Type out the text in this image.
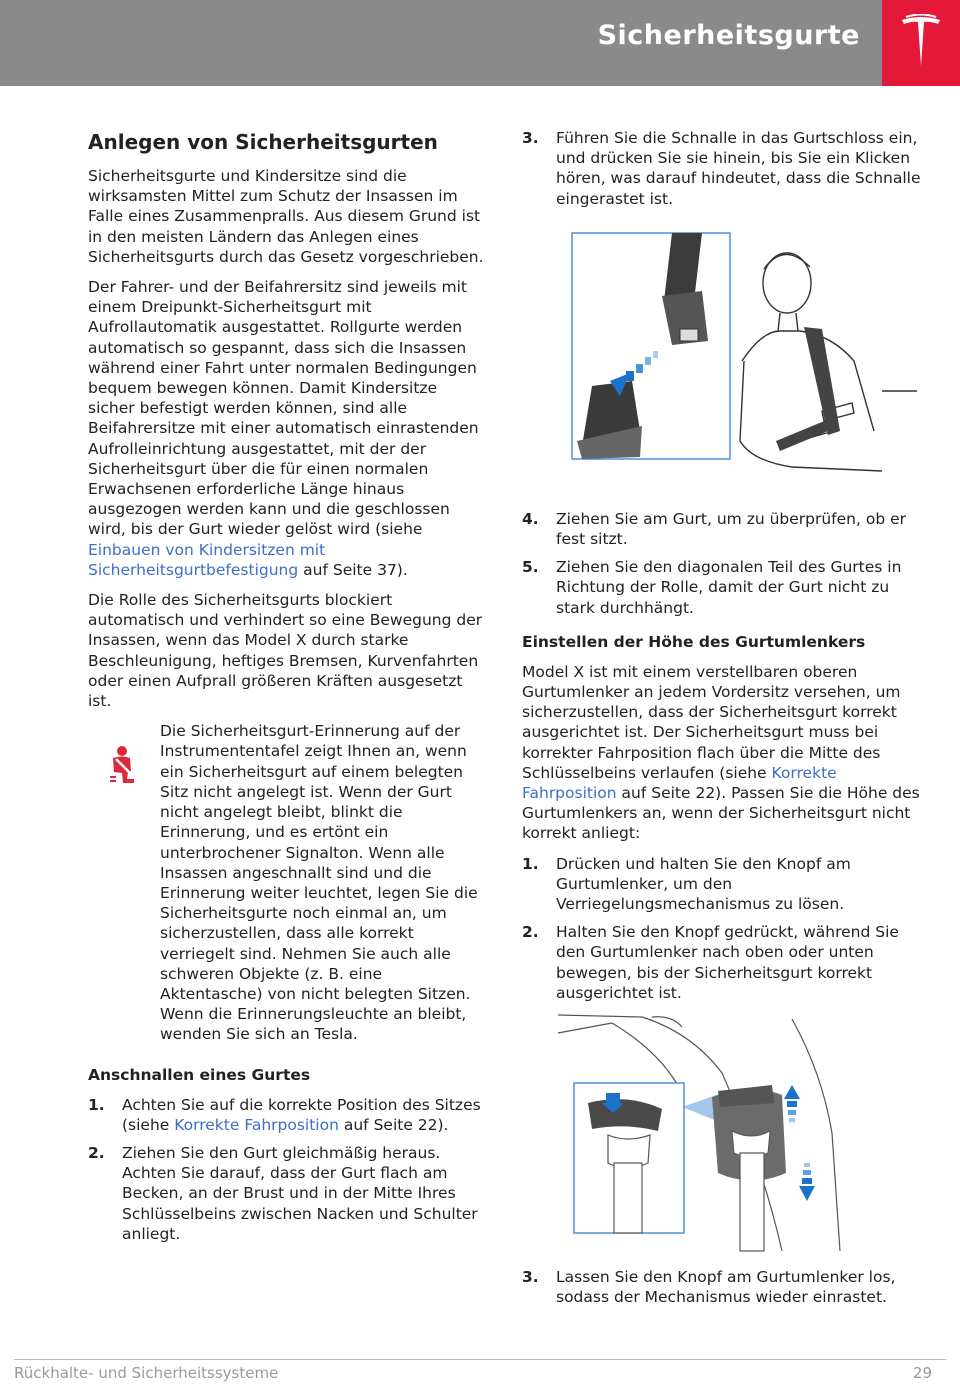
Sicherheitsgurte
Anlegen von Sicherheitsgurten

Sicherheitsgurte und Kindersitze sind die wirksamsten Mittel zum Schutz der Insassen im Falle eines Zusammenpralls. Aus diesem Grund ist in den meisten Ländern das Anlegen eines Sicherheitsgurts durch das Gesetz vorgeschrieben.

Der Fahrer- und der Beifahrersitz sind jeweils mit einem Dreipunkt-Sicherheitsgurt mit Aufrollautomatik ausgestattet. Rollgurte werden automatisch so gespannt, dass sich die Insassen während einer Fahrt unter normalen Bedingungen bequem bewegen können. Damit Kindersitze sicher befestigt werden können, sind alle Beifahrersitze mit einer automatisch einrastenden Aufrolleinrichtung ausgestattet, mit der der Sicherheitsgurt über die für einen normalen Erwachsenen erforderliche Länge hinaus ausgezogen werden kann und die geschlossen wird, bis der Gurt wieder gelöst wird (siehe Einbauen von Kindersitzen mit Sicherheitsgurtbefestigung auf Seite 37).

Die Rolle des Sicherheitsgurts blockiert automatisch und verhindert so eine Bewegung der Insassen, wenn das Model X durch starke Beschleunigung, heftiges Bremsen, Kurvenfahrten oder einen Aufprall größeren Kräften ausgesetzt ist.

Die Sicherheitsgurt-Erinnerung auf der Instrumententafel zeigt Ihnen an, wenn ein Sicherheitsgurt auf einem belegten Sitz nicht angelegt ist. Wenn der Gurt nicht angelegt bleibt, blinkt die Erinnerung, und es ertönt ein unterbrochener Signalton. Wenn alle Insassen angeschnallt sind und die Erinnerung weiter leuchtet, legen Sie die Sicherheitsgurte noch einmal an, um sicherzustellen, dass alle korrekt verriegelt sind. Nehmen Sie auch alle schweren Objekte (z. B. eine Aktentasche) von nicht belegten Sitzen. Wenn die Erinnerungsleuchte an bleibt, wenden Sie sich an Tesla.
Anschnallen eines Gurtes
1. Achten Sie auf die korrekte Position des Sitzes (siehe Korrekte Fahrposition auf Seite 22).
2. Ziehen Sie den Gurt gleichmäßig heraus. Achten Sie darauf, dass der Gurt flach am Becken, an der Brust und in der Mitte Ihres Schlüsselbeins zwischen Nacken und Schulter anliegt.
3. Führen Sie die Schnalle in das Gurtschloss ein, und drücken Sie sie hinein, bis Sie ein Klicken hören, was darauf hindeutet, dass die Schnalle eingerastet ist.
4. Ziehen Sie am Gurt, um zu überprüfen, ob er fest sitzt.
5. Ziehen Sie den diagonalen Teil des Gurtes in Richtung der Rolle, damit der Gurt nicht zu stark durchhängt.
Einstellen der Höhe des Gurtumlenkers

Model X ist mit einem verstellbaren oberen Gurtumlenker an jedem Vordersitz versehen, um sicherzustellen, dass der Sicherheitsgurt korrekt ausgerichtet ist. Der Sicherheitsgurt muss bei korrekter Fahrposition flach über die Mitte des Schlüsselbeins verlaufen (siehe Korrekte Fahrposition auf Seite 22). Passen Sie die Höhe des Gurtumlenkers an, wenn der Sicherheitsgurt nicht korrekt anliegt:

1. Drücken und halten Sie den Knopf am Gurtumlenker, um den Verriegelungsmechanismus zu lösen.
2. Halten Sie den Knopf gedrückt, während Sie den Gurtumlenker nach oben oder unten bewegen, bis der Sicherheitsgurt korrekt ausgerichtet ist.
3. Lassen Sie den Knopf am Gurtumlenker los, sodass der Mechanismus wieder einrastet.
Rückhalte- und Sicherheitssysteme	29
